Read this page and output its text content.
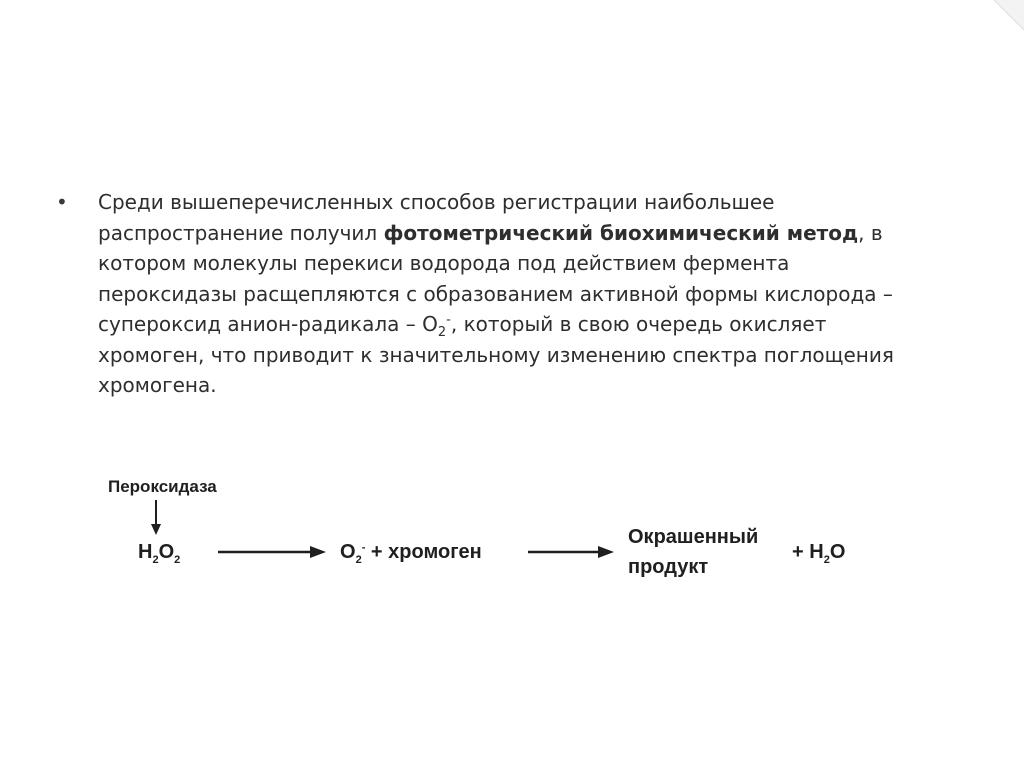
• Среди вышеперечисленных способов регистрации наибольшее распространение получил фотометрический биохимический метод, в котором молекулы перекиси водорода под действием фермента пероксидазы расщепляются с образованием активной формы кислорода – супероксид анион-радикала – $О_2^-$, который в свою очередь окисляет хромоген, что приводит к значительному изменению спектра поглощения хромогена.

Пероксидаза
$H_2O_2$	$O_2^-$ + хромоген
Окрашенный
продукт
+ $H_2O$
